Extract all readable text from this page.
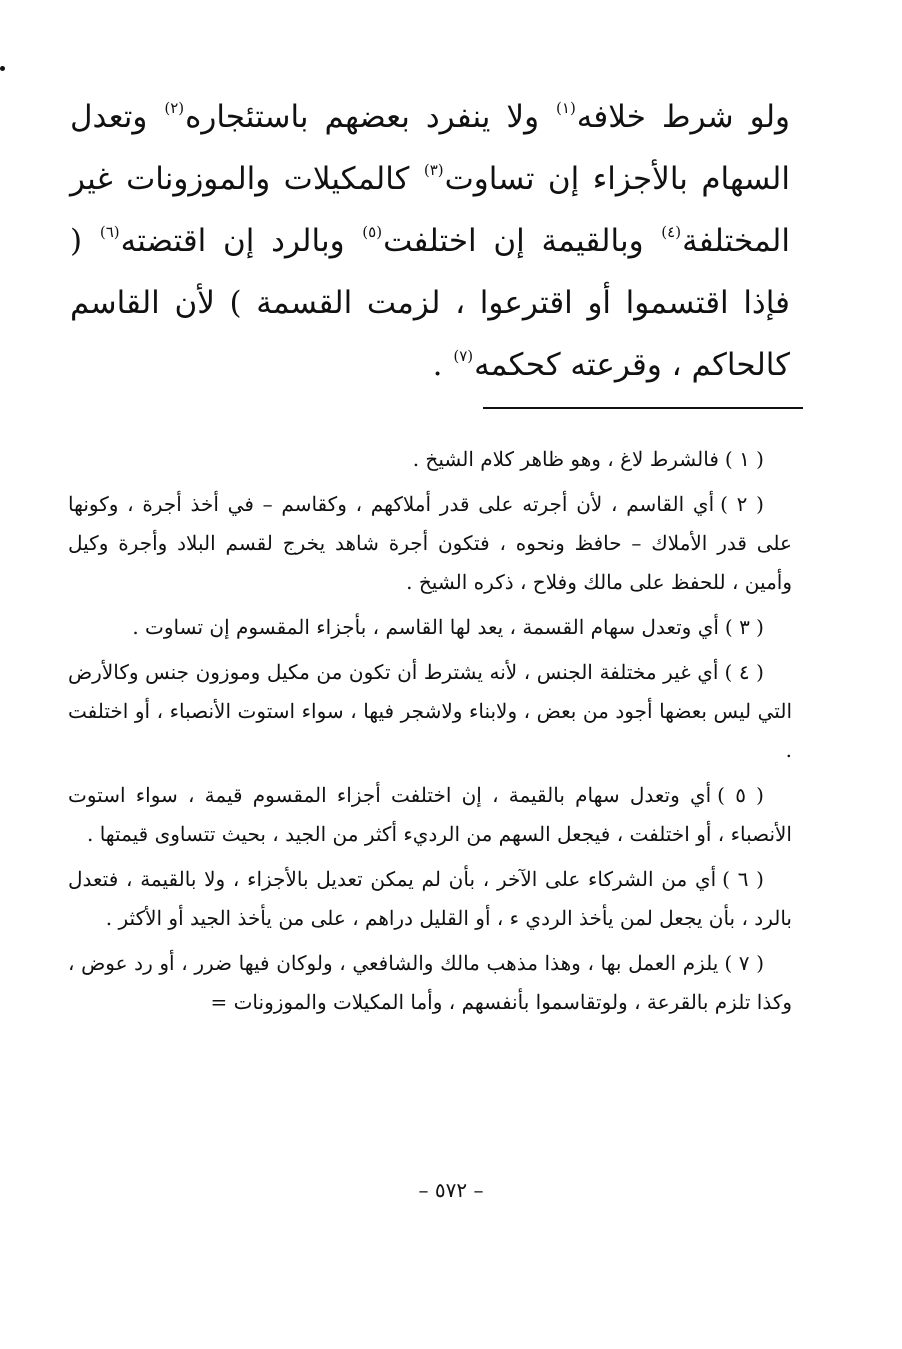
ولو شرط خلافه$^{(١)}$ ولا ينفرد بعضهم باستئجاره$^{(٢)}$ وتعدل السهام بالأجزاء إن تساوت$^{(٣)}$ كالمكيلات والموزونات غير المختلفة$^{(٤)}$ وبالقيمة إن اختلفت$^{(٥)}$ وبالرد إن اقتضته$^{(٦)}$ ( فإذا اقتسموا أو اقترعوا ، لزمت القسمة ) لأن القاسم كالحاكم ، وقرعته كحكمه$^{(٧)}$ .

( ١ )فالشرط لاغ ، وهو ظاهر كلام الشيخ .

( ٢ )أي القاسم ، لأن أجرته على قدر أملاكهم ، وكقاسم – في أخذ أجرة ، وكونها على قدر الأملاك – حافظ ونحوه ، فتكون أجرة شاهد يخرج لقسم البلاد وأجرة وكيل وأمين ، للحفظ على مالك وفلاح ، ذكره الشيخ .

( ٣ )أي وتعدل سهام القسمة ، يعد لها القاسم ، بأجزاء المقسوم إن تساوت .

( ٤ )أي غير مختلفة الجنس ، لأنه يشترط أن تكون من مكيل وموزون جنس وكالأرض التي ليس بعضها أجود من بعض ، ولابناء ولاشجر فيها ، سواء استوت الأنصباء ، أو اختلفت .

( ٥ )أي وتعدل سهام بالقيمة ، إن اختلفت أجزاء المقسوم قيمة ، سواء استوت الأنصباء ، أو اختلفت ، فيجعل السهم من الرديء أكثر من الجيد ، بحيث تتساوى قيمتها .

( ٦ )أي من الشركاء على الآخر ، بأن لم يمكن تعديل بالأجزاء ، ولا بالقيمة ، فتعدل بالرد ، بأن يجعل لمن يأخذ الردي ء ، أو القليل دراهم ، على من يأخذ الجيد أو الأكثر .

( ٧ )يلزم العمل بها ، وهذا مذهب مالك والشافعي ، ولوكان فيها ضرر ، أو رد عوض ، وكذا تلزم بالقرعة ، ولوتقاسموا بأنفسهم ، وأما المكيلات والموزونات =

– ٥٧٢ –
